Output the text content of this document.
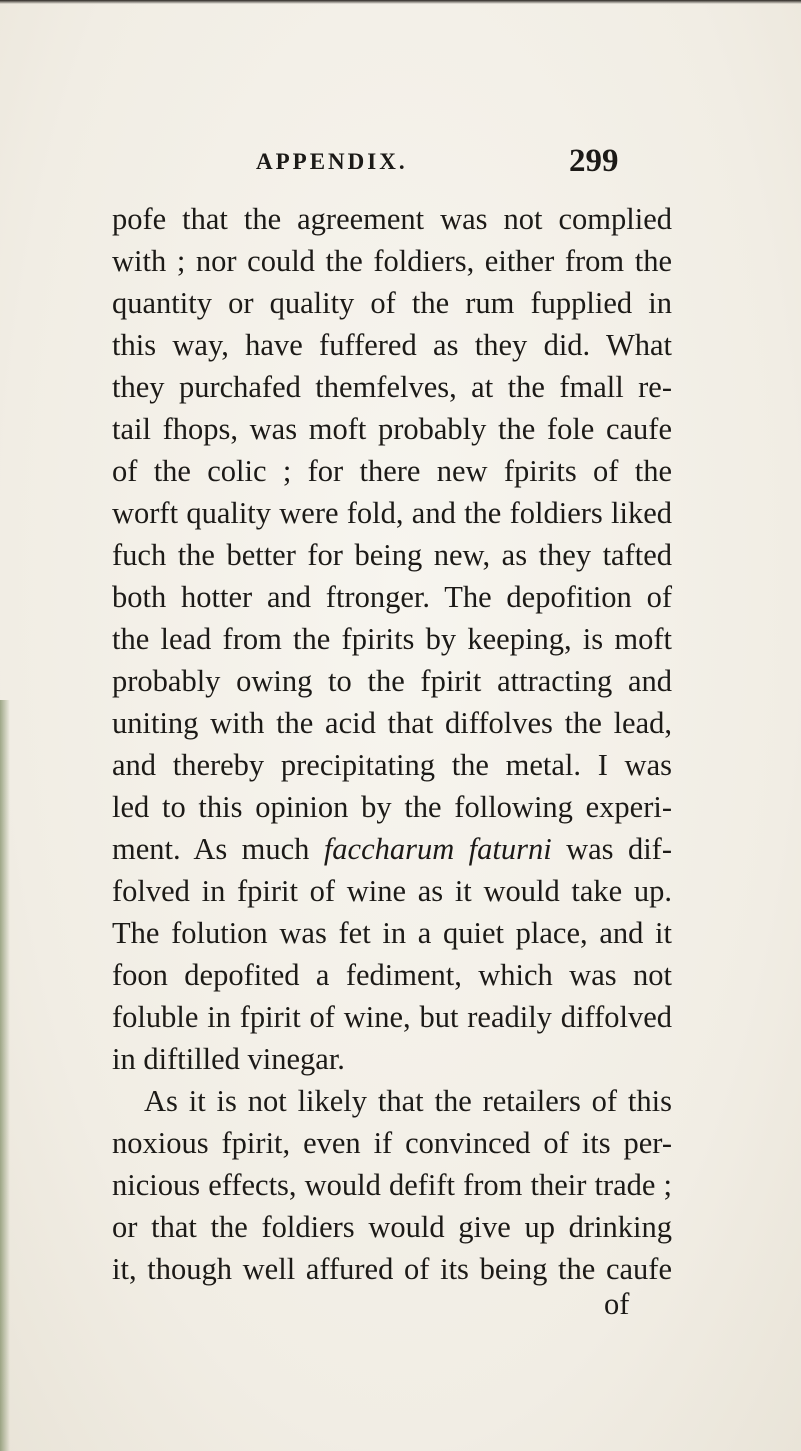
APPENDIX.	299
pofe that the agreement was not complied
with ; nor could the foldiers, either from the
quantity or quality of the rum fupplied in
this way, have fuffered as they did. What
they purchafed themfelves, at the fmall re-
tail fhops, was moft probably the fole caufe
of the colic ; for there new fpirits of the
worft quality were fold, and the foldiers liked
fuch the better for being new, as they tafted
both hotter and ftronger. The depofition of
the lead from the fpirits by keeping, is moft
probably owing to the fpirit attracting and
uniting with the acid that diffolves the lead,
and thereby precipitating the metal. I was
led to this opinion by the following experi-
ment. As much faccharum faturni was dif-
folved in fpirit of wine as it would take up.
The folution was fet in a quiet place, and it
foon depofited a fediment, which was not
foluble in fpirit of wine, but readily diffolved
in diftilled vinegar.
As it is not likely that the retailers of this
noxious fpirit, even if convinced of its per-
nicious effects, would defift from their trade ;
or that the foldiers would give up drinking
it, though well affured of its being the caufe
of
